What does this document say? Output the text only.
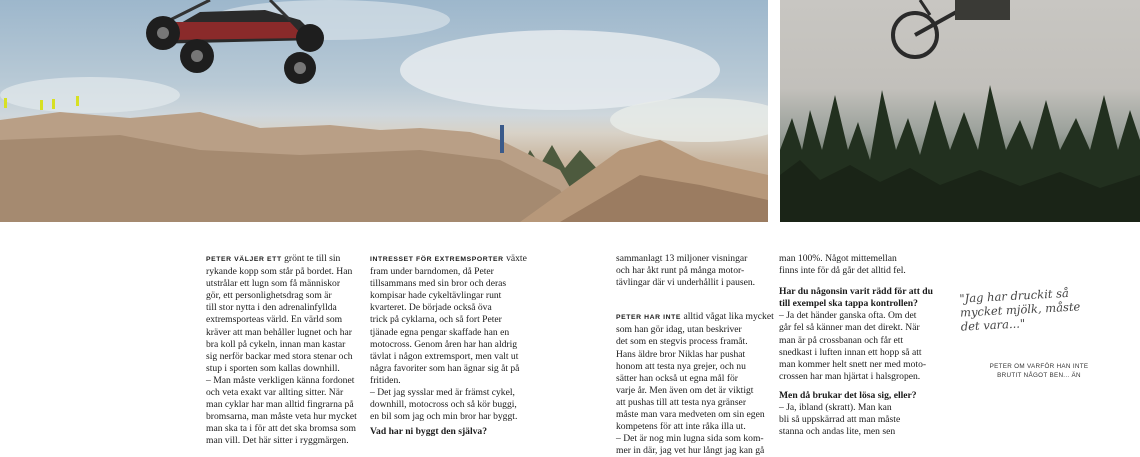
PETER VÄLJER ETT grönt te till sin

rykande kopp som står på bordet. Han

utstrålar ett lugn som få människor

gör, ett personlighetsdrag som är

till stor nytta i den adrenalinfyllda

extremsporteas värld. En värld som

kräver att man behåller lugnet och har

bra koll på cykeln, innan man kastar

sig nerför backar med stora stenar och

stup i sporten som kallas downhill.

– Man måste verkligen känna fordonet

och veta exakt var allting sitter. När

man cyklar har man alltid fingrarna på

bromsarna, man måste veta hur mycket

man ska ta i för att det ska bromsa som

man vill. Det här sitter i ryggmärgen.

INTRESSET FÖR EXTREMSPORTER växte

fram under barndomen, då Peter

tillsammans med sin bror och deras

kompisar hade cykeltävlingar runt

kvarteret. De började också öva

trick på cyklarna, och så fort Peter

tjänade egna pengar skaffade han en

motocross. Genom åren har han aldrig

tävlat i någon extremsport, men valt ut

några favoriter som han ägnar sig åt på

fritiden.

– Det jag sysslar med är främst cykel,

downhill, motocross och så kör buggi,

en bil som jag och min bror har byggt.

Vad har ni byggt den själva?

sammanlagt 13 miljoner visningar

och har åkt runt på många motor-

tävlingar där vi underhållit i pausen.

PETER HAR INTE alltid vågat lika mycket

som han gör idag, utan beskriver

det som en stegvis process framåt.

Hans äldre bror Niklas har pushat

honom att testa nya grejer, och nu

sätter han också ut egna mål för

varje år. Men även om det är viktigt

att pushas till att testa nya gränser

måste man vara medveten om sin egen

kompetens för att inte råka illa ut.

– Det är nog min lugna sida som kom-

mer in där, jag vet hur långt jag kan gå

man 100%. Något mittemellan

finns inte för då går det alltid fel.

Har du någonsin varit rädd för att du till exempel ska tappa kontrollen?

– Ja det händer ganska ofta. Om det

går fel så känner man det direkt. När

man är på crossbanan och får ett

snedkast i luften innan ett hopp så att

man kommer helt snett ner med moto-

crossen har man hjärtat i halsgropen.

Men då brukar det lösa sig, eller?

– Ja, ibland (skratt). Man kan

bli så uppskärrad att man måste

stanna och andas lite, men sen

"Jag har druckit så mycket mjölk, måste det vara..."
PETER OM VARFÖR HAN INTE BRUTIT NÅGOT BEN... ÄN
